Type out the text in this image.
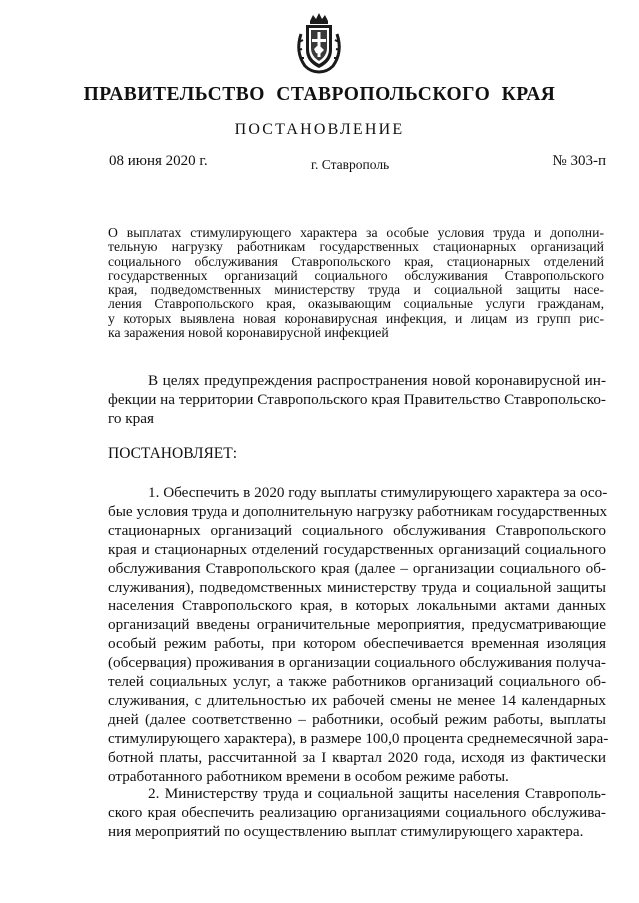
ПРАВИТЕЛЬСТВО СТАВРОПОЛЬСКОГО КРАЯ
ПОСТАНОВЛЕНИЕ
08 июня 2020 г.	г. Ставрополь	№ 303-п
О выплатах стимулирующего характера за особые условия труда и дополни-
тельную нагрузку работникам государственных стационарных организаций
социального обслуживания Ставропольского края, стационарных отделений
государственных организаций социального обслуживания Ставропольского
края, подведомственных министерству труда и социальной защиты насе-
ления Ставропольского края, оказывающим социальные услуги гражданам,
у которых выявлена новая коронавирусная инфекция, и лицам из групп рис-
ка заражения новой коронавирусной инфекцией
В целях предупреждения распространения новой коронавирусной ин-
фекции на территории Ставропольского края Правительство Ставропольско-
го края
ПОСТАНОВЛЯЕТ:
1. Обеспечить в 2020 году выплаты стимулирующего характера за осо-
бые условия труда и дополнительную нагрузку работникам государственных
стационарных организаций социального обслуживания Ставропольского
края и стационарных отделений государственных организаций социального
обслуживания Ставропольского края (далее – организации социального об-
служивания), подведомственных министерству труда и социальной защиты
населения Ставропольского края, в которых локальными актами данных
организаций введены ограничительные мероприятия, предусматривающие
особый режим работы, при котором обеспечивается временная изоляция
(обсервация) проживания в организации социального обслуживания получа-
телей социальных услуг, а также работников организаций социального об-
служивания, с длительностью их рабочей смены не менее 14 календарных
дней (далее соответственно – работники, особый режим работы, выплаты
стимулирующего характера), в размере 100,0 процента среднемесячной зара-
ботной платы, рассчитанной за I квартал 2020 года, исходя из фактически
отработанного работником времени в особом режиме работы.
2. Министерству труда и социальной защиты населения Ставрополь-
ского края обеспечить реализацию организациями социального обслужива-
ния мероприятий по осуществлению выплат стимулирующего характера.
